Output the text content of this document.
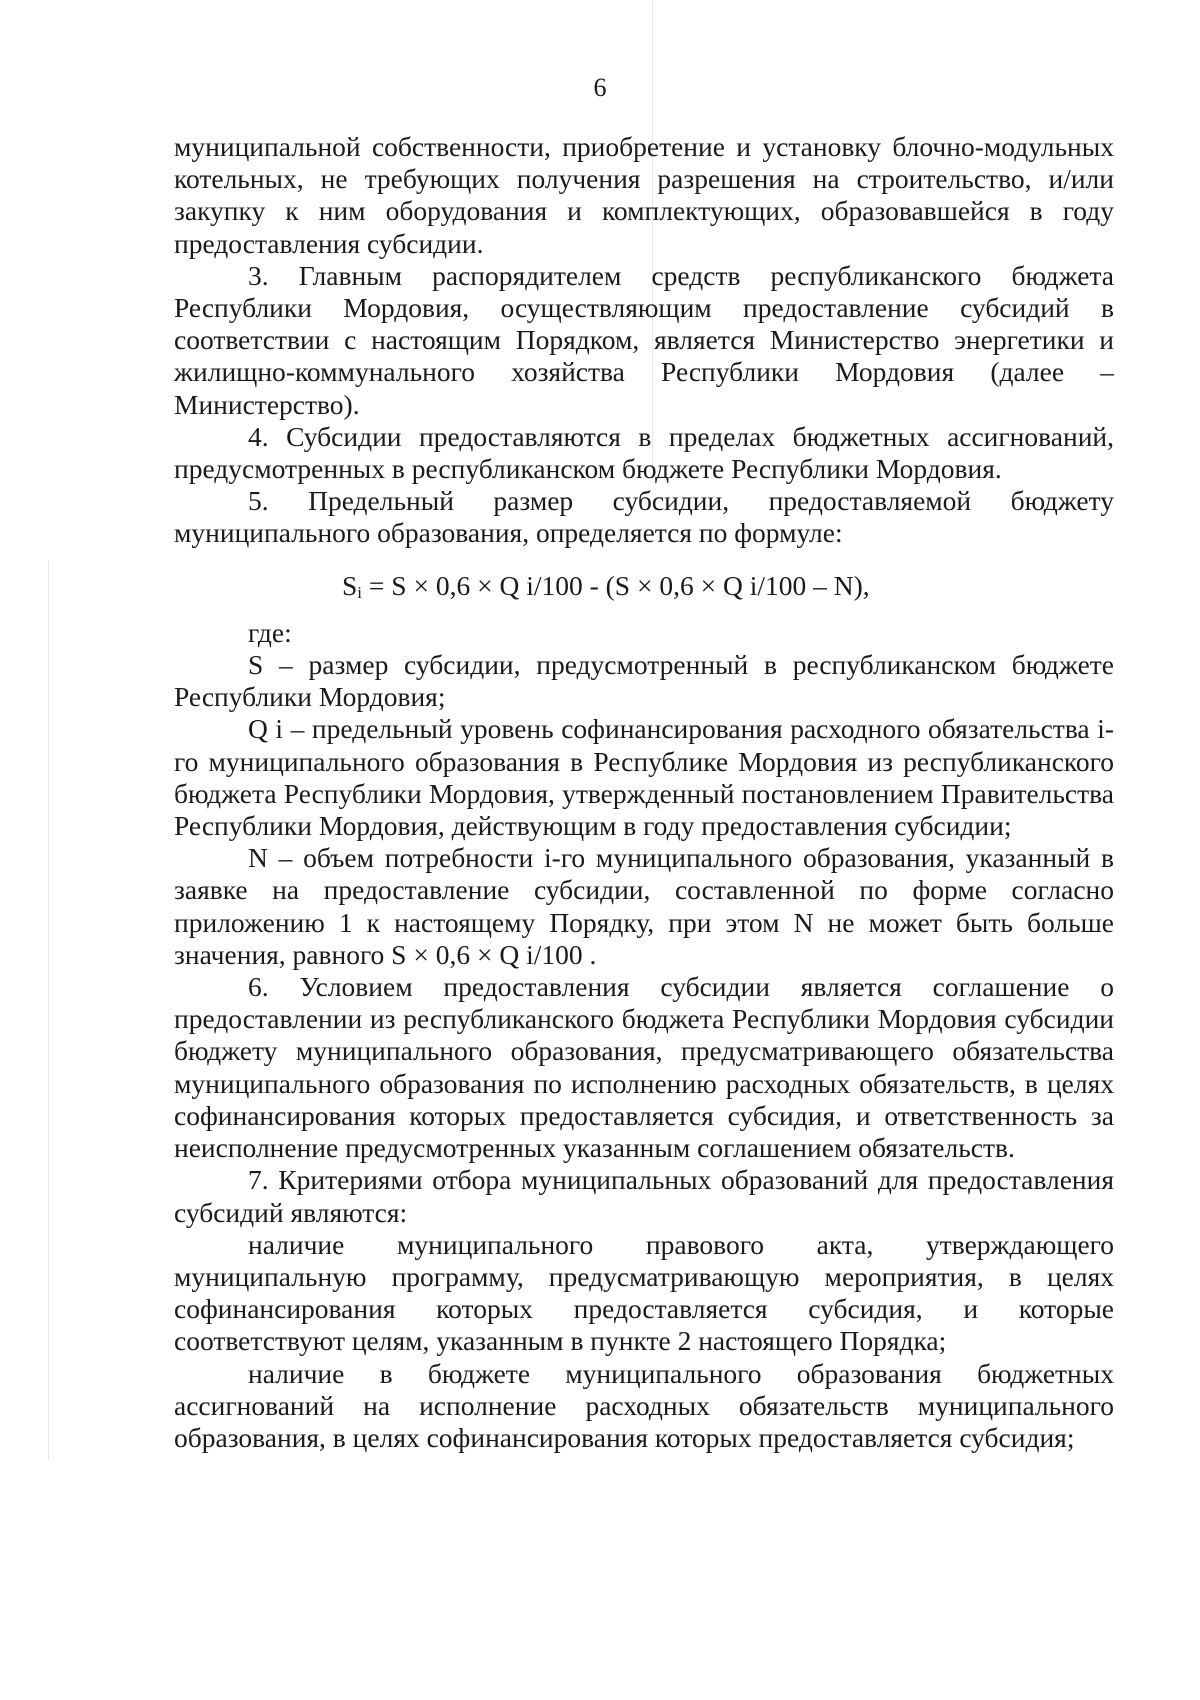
6

муниципальной собственности, приобретение и установку блочно-модульных котельных, не требующих получения разрешения на строительство, и/или закупку к ним оборудования и комплектующих, образовавшейся в году предоставления субсидии.

3. Главным распорядителем средств республиканского бюджета Республики Мордовия, осуществляющим предоставление субсидий в соответствии с настоящим Порядком, является Министерство энергетики и жилищно-коммунального хозяйства Республики Мордовия (далее – Министерство).

4. Субсидии предоставляются в пределах бюджетных ассигнований, предусмотренных в республиканском бюджете Республики Мордовия.

5. Предельный размер субсидии, предоставляемой бюджету муниципального образования, определяется по формуле:

Si = S × 0,6 × Q i/100 - (S × 0,6 × Q i/100 – N),

где:

S – размер субсидии, предусмотренный в республиканском бюджете Республики Мордовия;

Q i – предельный уровень софинансирования расходного обязательства i-го муниципального образования в Республике Мордовия из республиканского бюджета Республики Мордовия, утвержденный постановлением Правительства Республики Мордовия, действующим в году предоставления субсидии;

N – объем потребности i-го муниципального образования, указанный в заявке на предоставление субсидии, составленной по форме согласно приложению 1 к настоящему Порядку, при этом N не может быть больше значения, равного S × 0,6 × Q i/100 .

6. Условием предоставления субсидии является соглашение о предоставлении из республиканского бюджета Республики Мордовия субсидии бюджету муниципального образования, предусматривающего обязательства муниципального образования по исполнению расходных обязательств, в целях софинансирования которых предоставляется субсидия, и ответственность за неисполнение предусмотренных указанным соглашением обязательств.

7. Критериями отбора муниципальных образований для предоставления субсидий являются:

наличие муниципального правового акта, утверждающего муниципальную программу, предусматривающую мероприятия, в целях софинансирования которых предоставляется субсидия, и которые соответствуют целям, указанным в пункте 2 настоящего Порядка;

наличие в бюджете муниципального образования бюджетных ассигнований на исполнение расходных обязательств муниципального образования, в целях софинансирования которых предоставляется субсидия;
